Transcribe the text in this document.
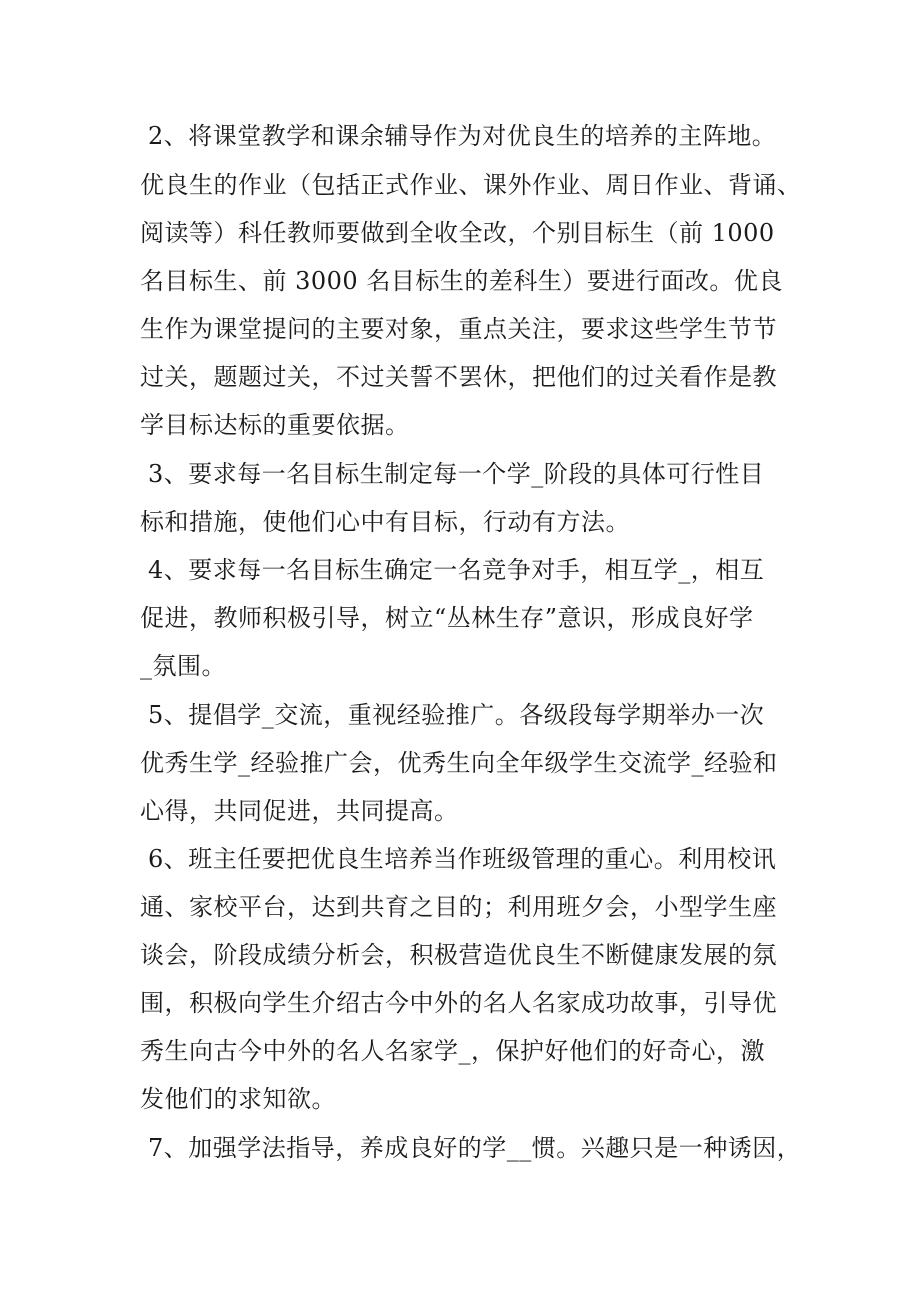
2、将课堂教学和课余辅导作为对优良生的培养的主阵地。
优良生的作业（包括正式作业、课外作业、周日作业、背诵、
阅读等）科任教师要做到全收全改，个别目标生（前 1000
名目标生、前 3000 名目标生的差科生）要进行面改。优良
生作为课堂提问的主要对象，重点关注，要求这些学生节节
过关，题题过关，不过关誓不罢休，把他们的过关看作是教
学目标达标的重要依据。
3、要求每一名目标生制定每一个学_阶段的具体可行性目
标和措施，使他们心中有目标，行动有方法。
4、要求每一名目标生确定一名竞争对手，相互学_，相互
促进，教师积极引导，树立“丛林生存”意识，形成良好学
_氛围。
5、提倡学_交流，重视经验推广。各级段每学期举办一次
优秀生学_经验推广会，优秀生向全年级学生交流学_经验和
心得，共同促进，共同提高。
6、班主任要把优良生培养当作班级管理的重心。利用校讯
通、家校平台，达到共育之目的；利用班夕会，小型学生座
谈会，阶段成绩分析会，积极营造优良生不断健康发展的氛
围，积极向学生介绍古今中外的名人名家成功故事，引导优
秀生向古今中外的名人名家学_，保护好他们的好奇心，激
发他们的求知欲。
7、加强学法指导，养成良好的学__惯。兴趣只是一种诱因，
